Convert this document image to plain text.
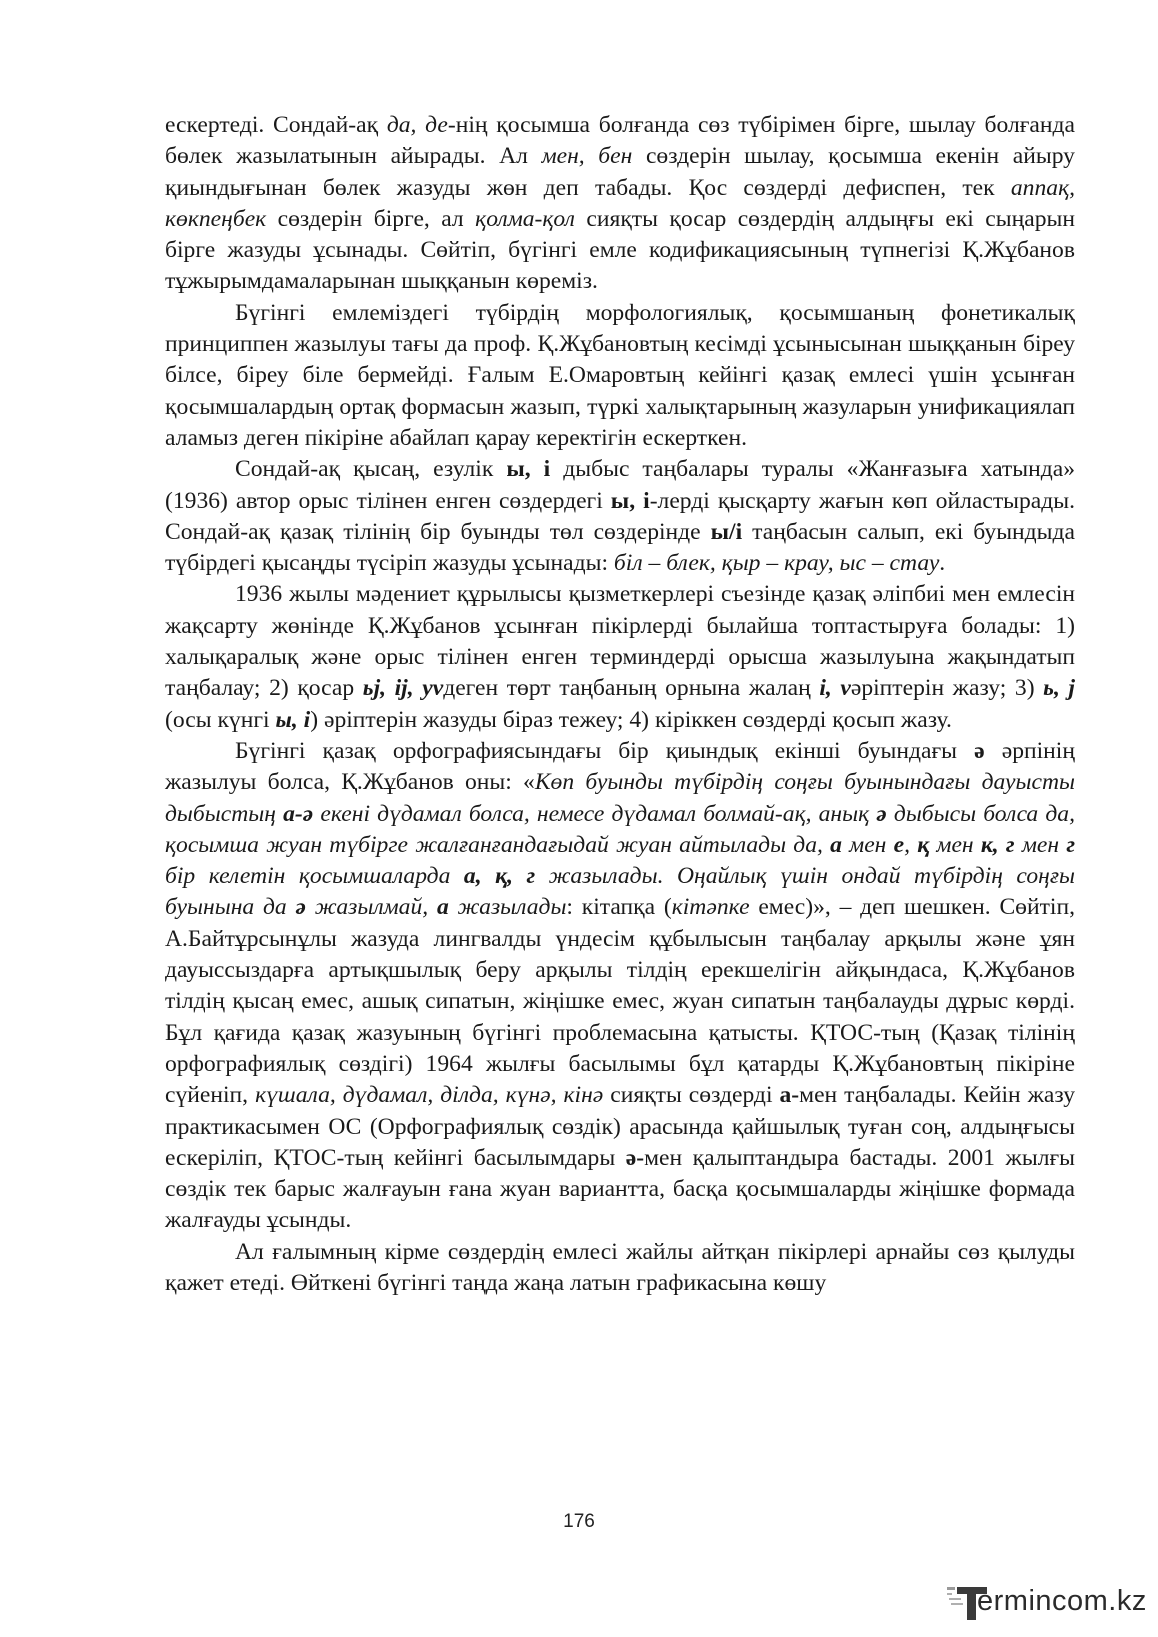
ескертеді. Сондай-ақ да, де-нің қосымша болғанда сөз түбірімен бірге, шылау болғанда бөлек жазылатынын айырады. Ал мен, бен сөздерін шылау, қосымша екенін айыру қиындығынан бөлек жазуды жөн деп табады. Қос сөздерді дефиспен, тек аппақ, көкпеңбек сөздерін бірге, ал қолма-қол сияқты қосар сөздердің алдыңғы екі сыңарын бірге жазуды ұсынады. Сөйтіп, бүгінгі емле кодификациясының түпнегізі Қ.Жұбанов тұжырымдамаларынан шыққанын көреміз.

Бүгінгі емлеміздегі түбірдің морфологиялық, қосымшаның фонетикалық принциппен жазылуы тағы да проф. Қ.Жұбановтың кесімді ұсынысынан шыққанын біреу білсе, біреу біле бермейді. Ғалым Е.Омаровтың кейінгі қазақ емлесі үшін ұсынған қосымшалардың ортақ формасын жазып, түркі халықтарының жазуларын унификациялап аламыз деген пікіріне абайлап қарау керектігін ескерткен.

Сондай-ақ қысаң, езулік ы, і дыбыс таңбалары туралы «Жанғазыға хатында» (1936) автор орыс тілінен енген сөздердегі ы, і-лерді қысқарту жағын көп ойластырады. Сондай-ақ қазақ тілінің бір буынды төл сөздерінде ы/і таңбасын салып, екі буындыда түбірдегі қысаңды түсіріп жазуды ұсынады: біл – блек, қыр – крау, ыс – стау.

1936 жылы мәдениет құрылысы қызметкерлері съезінде қазақ әліпбиі мен емлесін жақсарту жөнінде Қ.Жұбанов ұсынған пікірлерді былайша топтастыруға болады: 1) халықаралық және орыс тілінен енген терминдерді орысша жазылуына жақындатып таңбалау; 2) қосар ьj, ij, yvдеген төрт таңбаның орнына жалаң i, vәріптерін жазу; 3) ь, j (осы күнгі ы, і) әріптерін жазуды біраз тежеу; 4) кіріккен сөздерді қосып жазу.

Бүгінгі қазақ орфографиясындағы бір қиындық екінші буындағы ә әрпінің жазылуы болса, Қ.Жұбанов оны: «Көп буынды түбірдің соңғы буынындағы дауысты дыбыстың а-ә екені дүдамал болса, немесе дүдамал болмай-ақ, анық ә дыбысы болса да, қосымша жуан түбірге жалғанғандағыдай жуан айтылады да, а мен е, қ мен к, г мен г бір келетін қосымшаларда а, қ, г жазылады. Оңайлық үшін ондай түбірдің соңғы буынына да ә жазылмай, а жазылады: кітапқа (кітәпке емес)», – деп шешкен. Сөйтіп, А.Байтұрсынұлы жазуда лингвалды үндесім құбылысын таңбалау арқылы және ұян дауыссыздарға артықшылық беру арқылы тілдің ерекшелігін айқындаса, Қ.Жұбанов тілдің қысаң емес, ашық сипатын, жіңішке емес, жуан сипатын таңбалауды дұрыс көрді. Бұл қағида қазақ жазуының бүгінгі проблемасына қатысты. ҚТОС-тың (Қазақ тілінің орфографиялық сөздігі) 1964 жылғы басылымы бұл қатарды Қ.Жұбановтың пікіріне сүйеніп, күшала, дүдамал, ділда, күнә, кінә сияқты сөздерді а-мен таңбалады. Кейін жазу практикасымен ОС (Орфографиялық сөздік) арасында қайшылық туған соң, алдыңғысы ескеріліп, ҚТОС-тың кейінгі басылымдары ә-мен қалыптандыра бастады. 2001 жылғы сөздік тек барыс жалғауын ғана жуан вариантта, басқа қосымшаларды жіңішке формада жалғауды ұсынды.

Ал ғалымның кірме сөздердің емлесі жайлы айтқан пікірлері арнайы сөз қылуды қажет етеді. Өйткені бүгінгі таңда жаңа латын графикасына көшу

176
ermincom.kz
